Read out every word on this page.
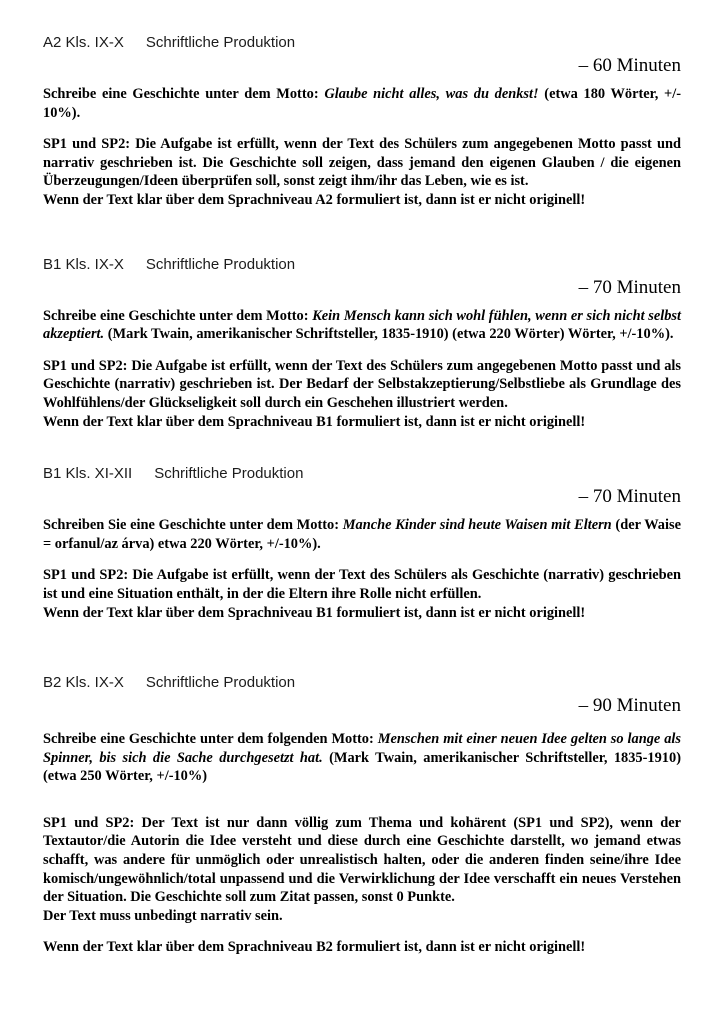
A2 Kls. IX-X Schriftliche Produktion
– 60 Minuten

Schreibe eine Geschichte unter dem Motto: Glaube nicht alles, was du denkst! (etwa 180 Wörter, +/- 10%).

SP1 und SP2: Die Aufgabe ist erfüllt, wenn der Text des Schülers zum angegebenen Motto passt und narrativ geschrieben ist. Die Geschichte soll zeigen, dass jemand den eigenen Glauben / die eigenen Überzeugungen/Ideen überprüfen soll, sonst zeigt ihm/ihr das Leben, wie es ist.

Wenn der Text klar über dem Sprachniveau A2 formuliert ist, dann ist er nicht originell!

B1 Kls. IX-X Schriftliche Produktion
– 70 Minuten

Schreibe eine Geschichte unter dem Motto: Kein Mensch kann sich wohl fühlen, wenn er sich nicht selbst akzeptiert. (Mark Twain, amerikanischer Schriftsteller, 1835-1910) (etwa 220 Wörter) Wörter, +/-10%).

SP1 und SP2: Die Aufgabe ist erfüllt, wenn der Text des Schülers zum angegebenen Motto passt und als Geschichte (narrativ) geschrieben ist. Der Bedarf der Selbstakzeptierung/Selbstliebe als Grundlage des Wohlfühlens/der Glückseligkeit soll durch ein Geschehen illustriert werden.

Wenn der Text klar über dem Sprachniveau B1 formuliert ist, dann ist er nicht originell!

B1 Kls. XI-XII Schriftliche Produktion
– 70 Minuten

Schreiben Sie eine Geschichte unter dem Motto: Manche Kinder sind heute Waisen mit Eltern (der Waise = orfanul/az árva) etwa 220 Wörter, +/-10%).

SP1 und SP2: Die Aufgabe ist erfüllt, wenn der Text des Schülers als Geschichte (narrativ) geschrieben ist und eine Situation enthält, in der die Eltern ihre Rolle nicht erfüllen.

Wenn der Text klar über dem Sprachniveau B1 formuliert ist, dann ist er nicht originell!

B2 Kls. IX-X Schriftliche Produktion
– 90 Minuten

Schreibe eine Geschichte unter dem folgenden Motto: Menschen mit einer neuen Idee gelten so lange als Spinner, bis sich die Sache durchgesetzt hat. (Mark Twain, amerikanischer Schriftsteller, 1835-1910) (etwa 250 Wörter, +/-10%)

SP1 und SP2: Der Text ist nur dann völlig zum Thema und kohärent (SP1 und SP2), wenn der Textautor/die Autorin die Idee versteht und diese durch eine Geschichte darstellt, wo jemand etwas schafft, was andere für unmöglich oder unrealistisch halten, oder die anderen finden seine/ihre Idee komisch/ungewöhnlich/total unpassend und die Verwirklichung der Idee verschafft ein neues Verstehen der Situation. Die Geschichte soll zum Zitat passen, sonst 0 Punkte.

Der Text muss unbedingt narrativ sein.

Wenn der Text klar über dem Sprachniveau B2 formuliert ist, dann ist er nicht originell!
